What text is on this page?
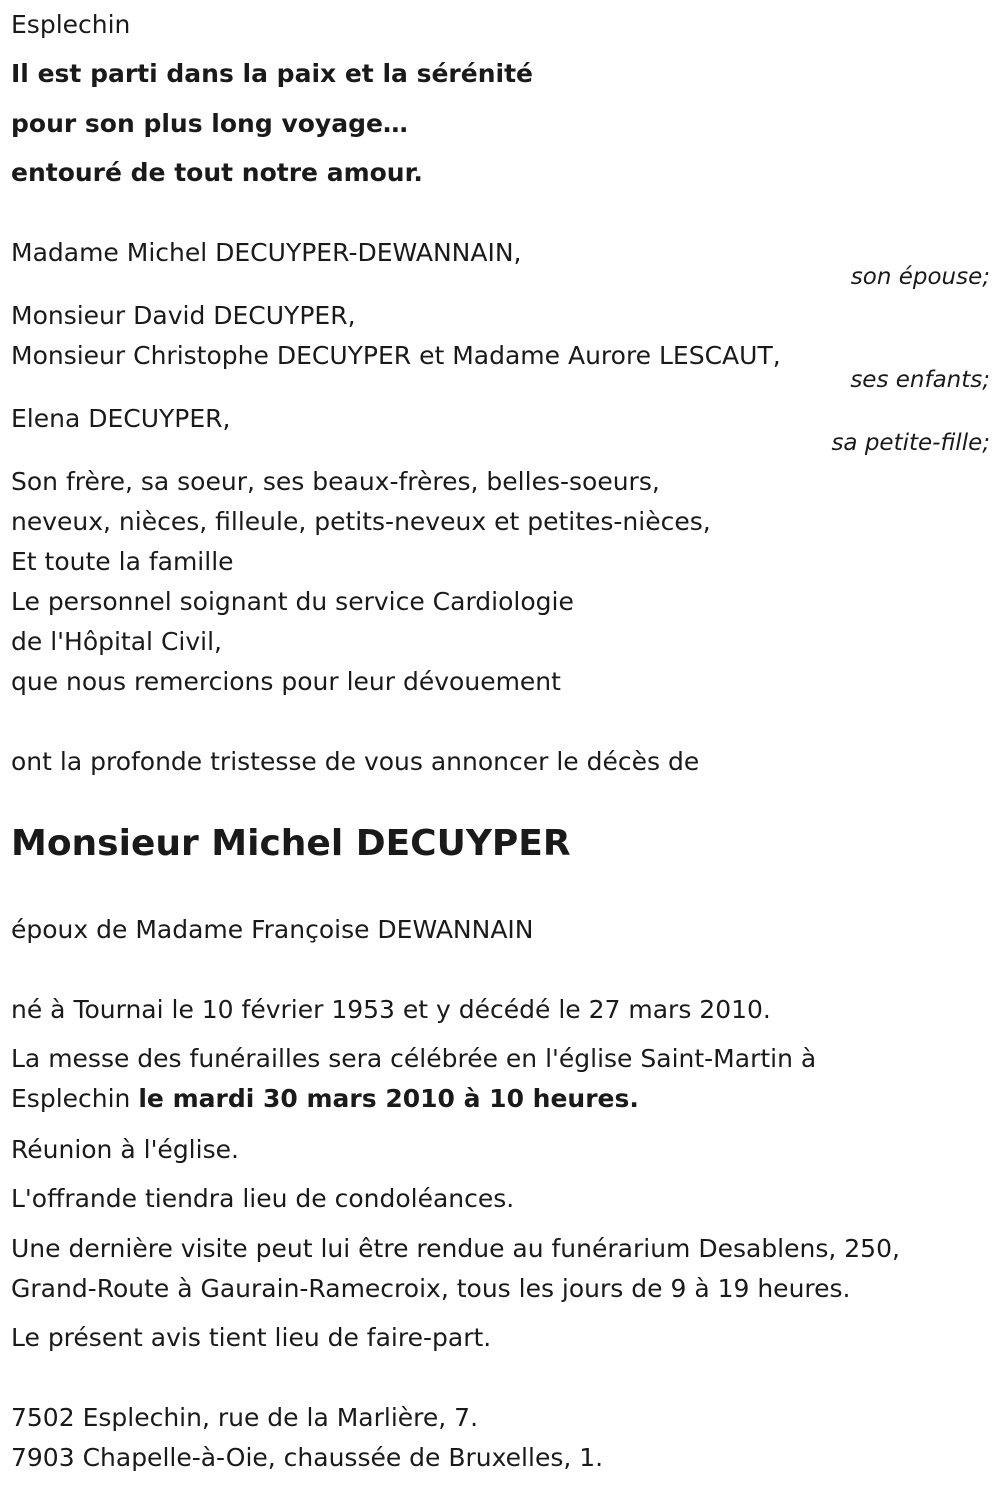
Esplechin
Il est parti dans la paix et la sérénité
pour son plus long voyage…
entouré de tout notre amour.
Madame Michel DECUYPER-DEWANNAIN,
son épouse;
Monsieur David DECUYPER,
Monsieur Christophe DECUYPER et Madame Aurore LESCAUT,
ses enfants;
Elena DECUYPER,
sa petite-fille;
Son frère, sa soeur, ses beaux-frères, belles-soeurs,
neveux, nièces, filleule, petits-neveux et petites-nièces,
Et toute la famille
Le personnel soignant du service Cardiologie
de l'Hôpital Civil,
que nous remercions pour leur dévouement
ont la profonde tristesse de vous annoncer le décès de
Monsieur Michel DECUYPER
époux de Madame Françoise DEWANNAIN
né à Tournai le 10 février 1953 et y décédé le 27 mars 2010.
La messe des funérailles sera célébrée en l'église Saint-Martin à
Esplechin le mardi 30 mars 2010 à 10 heures.
Réunion à l'église.
L'offrande tiendra lieu de condoléances.
Une dernière visite peut lui être rendue au funérarium Desablens, 250,
Grand-Route à Gaurain-Ramecroix, tous les jours de 9 à 19 heures.
Le présent avis tient lieu de faire-part.
7502 Esplechin, rue de la Marlière, 7.
7903 Chapelle-à-Oie, chaussée de Bruxelles, 1.
